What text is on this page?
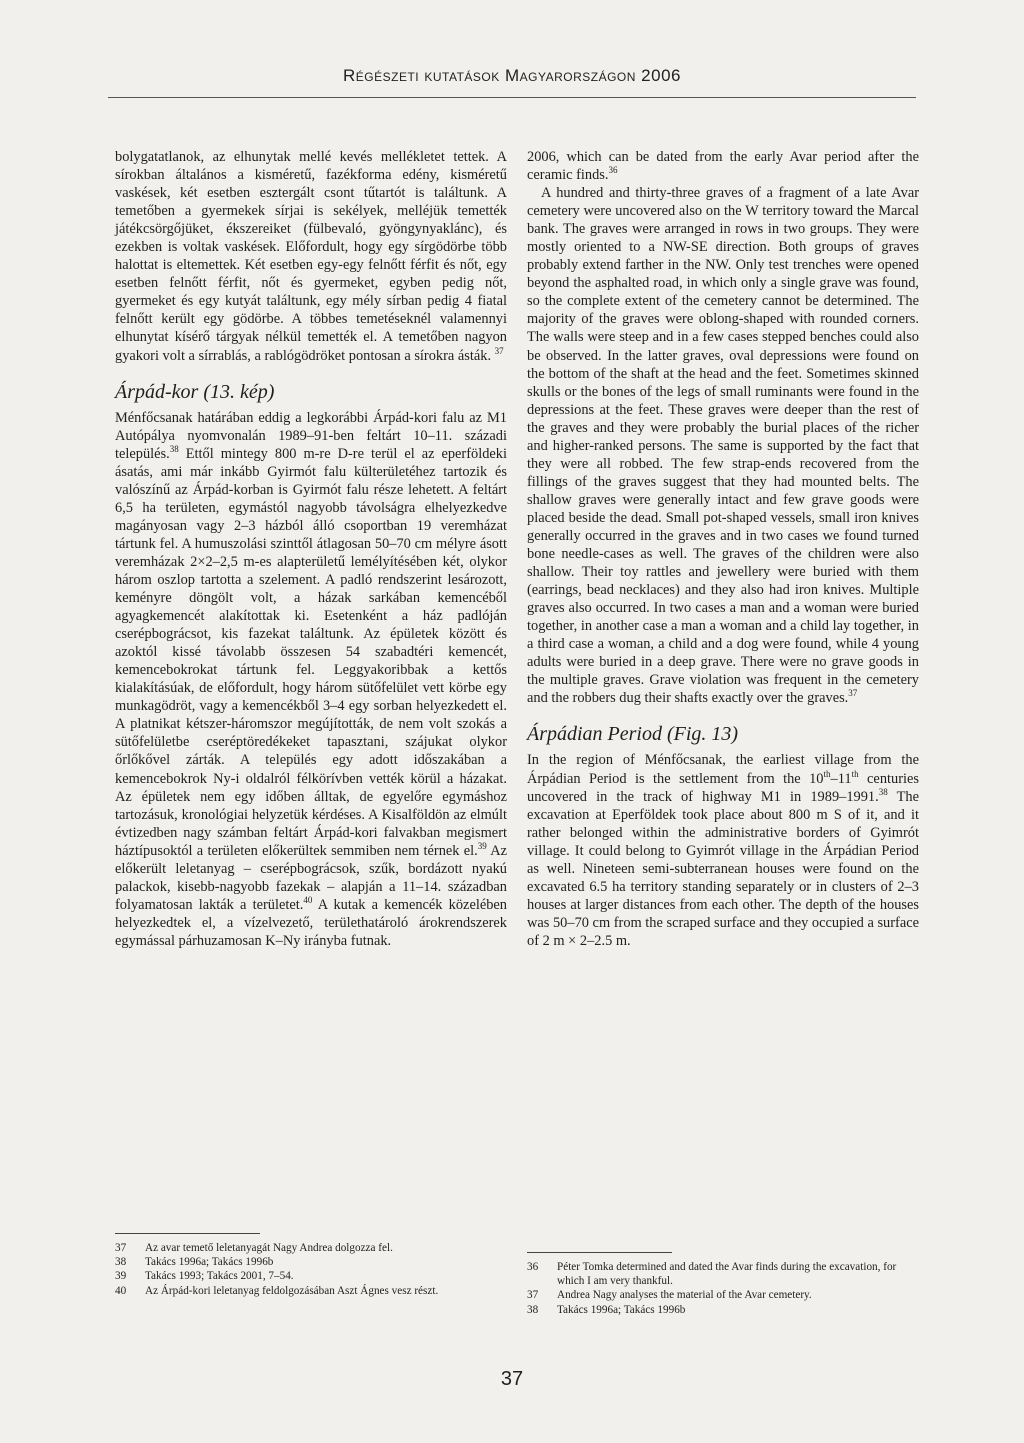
Régészeti kutatások Magyarországon 2006

bolygatatlanok, az elhunytak mellé kevés mellékletet tettek. A sírokban általános a kisméretű, fazékforma edény, kisméretű vaskések, két esetben esztergált csont tűtartót is találtunk. A temetőben a gyermekek sírjai is sekélyek, melléjük temették játékcsörgőjüket, ékszereiket (fülbevaló, gyöngynyaklánc), és ezekben is voltak vaskések. Előfordult, hogy egy sírgödörbe több halottat is eltemettek. Két esetben egy-egy felnőtt férfit és nőt, egy esetben felnőtt férfit, nőt és gyermeket, egyben pedig nőt, gyermeket és egy kutyát találtunk, egy mély sírban pedig 4 fiatal felnőtt került egy gödörbe. A többes temetéseknél valamennyi elhunytat kísérő tárgyak nélkül temették el. A temetőben nagyon gyakori volt a sírrablás, a rablógödröket pontosan a sírokra ásták. $^{37}$

Árpád-kor (13. kép)

Ménfőcsanak határában eddig a legkorábbi Árpád-kori falu az M1 Autópálya nyomvonalán 1989–91-ben feltárt 10–11. századi település.$^{38}$ Ettől mintegy 800 m-re D-re terül el az eperföldeki ásatás, ami már inkább Gyirmót falu külterületéhez tartozik és valószínű az Árpád-korban is Gyirmót falu része lehetett. A feltárt 6,5 ha területen, egymástól nagyobb távolságra elhelyezkedve magányosan vagy 2–3 házból álló csoportban 19 veremházat tártunk fel. A humuszolási szinttől átlagosan 50–70 cm mélyre ásott veremházak 2×2–2,5 m-es alapterületű lemélyítésében két, olykor három oszlop tartotta a szelement. A padló rendszerint lesározott, keményre döngölt volt, a házak sarkában kemencéből agyagkemencét alakítottak ki. Esetenként a ház padlóján cserépbográcsot, kis fazekat találtunk. Az épületek között és azoktól kissé távolabb összesen 54 szabadtéri kemencét, kemencebokrokat tártunk fel. Leggyakoribbak a kettős kialakításúak, de előfordult, hogy három sütőfelület vett körbe egy munkagödröt, vagy a kemencékből 3–4 egy sorban helyezkedett el. A platnikat kétszer-háromszor megújították, de nem volt szokás a sütőfelületbe cseréptöredékeket tapasztani, szájukat olykor őrlőkővel zárták. A település egy adott időszakában a kemencebokrok Ny-i oldalról félkörívben vették körül a házakat. Az épületek nem egy időben álltak, de egyelőre egymáshoz tartozásuk, kronológiai helyzetük kérdéses. A Kisalföldön az elmúlt évtizedben nagy számban feltárt Árpád-kori falvakban megismert háztípusoktól a területen előkerültek semmiben nem térnek el.$^{39}$ Az előkerült leletanyag – cserépbográcsok, szűk, bordázott nyakú palackok, kisebb-nagyobb fazekak – alapján a 11–14. században folyamatosan lakták a területet.$^{40}$ A kutak a kemencék közelében helyezkedtek el, a vízelvezető, területhatároló árokrendszerek egymással párhuzamosan K–Ny irányba futnak.

2006, which can be dated from the early Avar period after the ceramic finds.$^{36}$

A hundred and thirty-three graves of a fragment of a late Avar cemetery were uncovered also on the W territory toward the Marcal bank. The graves were arranged in rows in two groups. They were mostly oriented to a NW-SE direction. Both groups of graves probably extend farther in the NW. Only test trenches were opened beyond the asphalted road, in which only a single grave was found, so the complete extent of the cemetery cannot be determined. The majority of the graves were oblong-shaped with rounded corners. The walls were steep and in a few cases stepped benches could also be observed. In the latter graves, oval depressions were found on the bottom of the shaft at the head and the feet. Sometimes skinned skulls or the bones of the legs of small ruminants were found in the depressions at the feet. These graves were deeper than the rest of the graves and they were probably the burial places of the richer and higher-ranked persons. The same is supported by the fact that they were all robbed. The few strap-ends recovered from the fillings of the graves suggest that they had mounted belts. The shallow graves were generally intact and few grave goods were placed beside the dead. Small pot-shaped vessels, small iron knives generally occurred in the graves and in two cases we found turned bone needle-cases as well. The graves of the children were also shallow. Their toy rattles and jewellery were buried with them (earrings, bead necklaces) and they also had iron knives. Multiple graves also occurred. In two cases a man and a woman were buried together, in another case a man a woman and a child lay together, in a third case a woman, a child and a dog were found, while 4 young adults were buried in a deep grave. There were no grave goods in the multiple graves. Grave violation was frequent in the cemetery and the robbers dug their shafts exactly over the graves.$^{37}$

Árpádian Period (Fig. 13)

In the region of Ménfőcsanak, the earliest village from the Árpádian Period is the settlement from the 10th–11th centuries uncovered in the track of highway M1 in 1989–1991.38 The excavation at Eperföldek took place about 800 m S of it, and it rather belonged within the administrative borders of Gyimrót village. It could belong to Gyimrót village in the Árpádian Period as well. Nineteen semi-subterranean houses were found on the excavated 6.5 ha territory standing separately or in clusters of 2–3 houses at larger distances from each other. The depth of the houses was 50–70 cm from the scraped surface and they occupied a surface of 2 m × 2–2.5 m.

37	Az avar temető leletanyagát Nagy Andrea dolgozza fel.
38	Takács 1996a; Takács 1996b
39	Takács 1993; Takács 2001, 7–54.
40	Az Árpád-kori leletanyag feldolgozásában Aszt Ágnes vesz részt.
36	Péter Tomka determined and dated the Avar finds during the excavation, for which I am very thankful.
37	Andrea Nagy analyses the material of the Avar cemetery.
38	Takács 1996a; Takács 1996b
37
